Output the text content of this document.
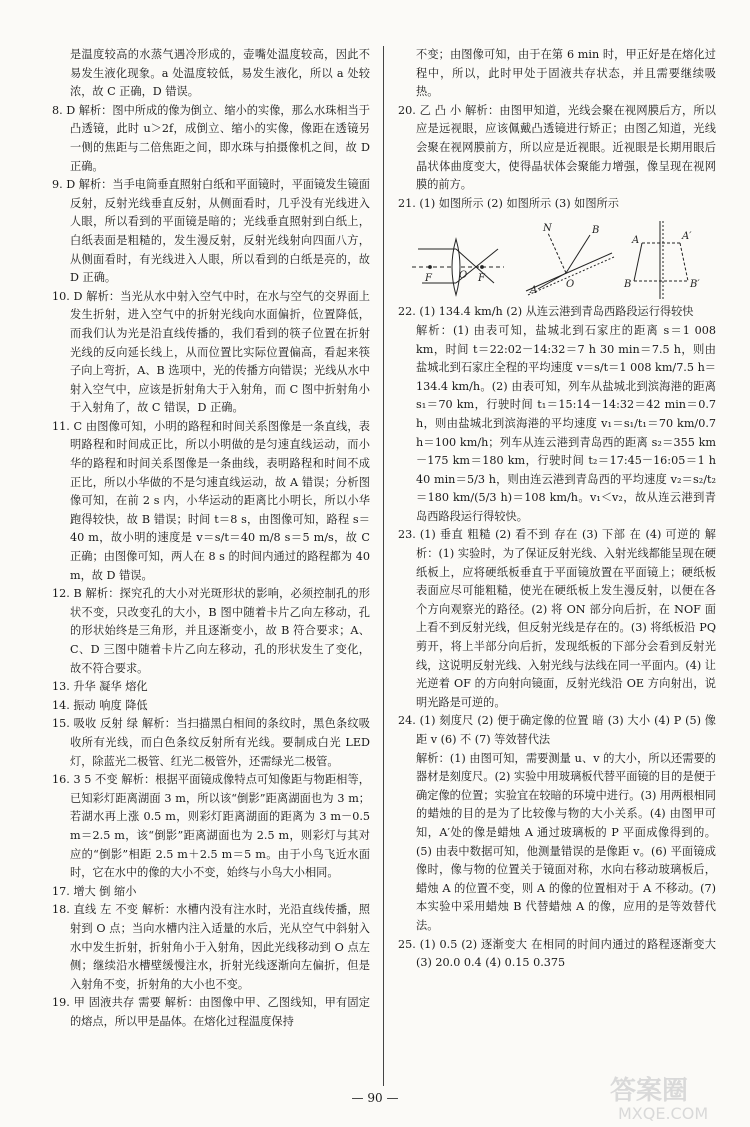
是温度较高的水蒸气遇冷形成的，壶嘴处温度较高，因此不易发生液化现象。a 处温度较低，易发生液化，所以 a 处较浓，故 C 正确，D 错误。
8. D 解析：图中所成的像为倒立、缩小的实像，那么水珠相当于凸透镜，此时 u＞2f，成倒立、缩小的实像，像距在透镜另一侧的焦距与二倍焦距之间，即水珠与拍摄像机之间，故 D 正确。
9. D 解析：当手电筒垂直照射白纸和平面镜时，平面镜发生镜面反射，反射光线垂直反射，从侧面看时，几乎没有光线进入人眼，所以看到的平面镜是暗的；光线垂直照射到白纸上，白纸表面是粗糙的，发生漫反射，反射光线射向四面八方，从侧面看时，有光线进入人眼，所以看到的白纸是亮的，故 D 正确。
10. D 解析：当光从水中射入空气中时，在水与空气的交界面上发生折射，进入空气中的折射光线向水面偏折，位置降低，而我们认为光是沿直线传播的，我们看到的筷子位置在折射光线的反向延长线上，从而位置比实际位置偏高，看起来筷子向上弯折，A、B 选项中，光的传播方向错误；光线从水中射入空气中，应该是折射角大于入射角，而 C 图中折射角小于入射角了，故 C 错误，D 正确。
11. C 由图像可知，小明的路程和时间关系图像是一条直线，表明路程和时间成正比，所以小明做的是匀速直线运动，而小华的路程和时间关系图像是一条曲线，表明路程和时间不成正比，所以小华做的不是匀速直线运动，故 A 错误；分析图像可知，在前 2 s 内，小华运动的距离比小明长，所以小华跑得较快，故 B 错误；时间 t＝8 s，由图像可知，路程 s＝40 m，故小明的速度是 v＝s/t＝40 m/8 s＝5 m/s，故 C 正确；由图像可知，两人在 8 s 的时间内通过的路程都为 40 m，故 D 错误。
12. B 解析：探究孔的大小对光斑形状的影响，必须控制孔的形状不变，只改变孔的大小，B 图中随着卡片乙向左移动，孔的形状始终是三角形，并且逐渐变小，故 B 符合要求；A、C、D 三图中随着卡片乙向左移动，孔的形状发生了变化，故不符合要求。
13. 升华 凝华 熔化
14. 振动 响度 降低
15. 吸收 反射 绿 解析：当扫描黑白相间的条纹时，黑色条纹吸收所有光线，而白色条纹反射所有光线。要制成白光 LED 灯，除蓝光二极管、红光二极管外，还需绿光二极管。
16. 3 5 不变 解析：根据平面镜成像特点可知像距与物距相等，已知彩灯距离湖面 3 m，所以该“倒影”距离湖面也为 3 m；若湖水再上涨 0.5 m，则彩灯距离湖面的距离为 3 m－0.5 m＝2.5 m，该“倒影”距离湖面也为 2.5 m，则彩灯与其对应的“倒影”相距 2.5 m＋2.5 m＝5 m。由于小鸟飞近水面时，它在水中的像的大小不变，始终与小鸟大小相同。
17. 增大 倒 缩小
18. 直线 左 不变 解析：水槽内没有注水时，光沿直线传播，照射到 O 点；当向水槽内注入适量的水后，光从空气中斜射入水中发生折射，折射角小于入射角，因此光线移动到 O 点左侧；继续沿水槽壁缓慢注水，折射光线逐渐向左偏折，但是入射角不变，折射角的大小也不变。
19. 甲 固液共存 需要 解析：由图像中甲、乙图线知，甲有固定的熔点，所以甲是晶体。在熔化过程温度保持
不变；由图像可知，由于在第 6 min 时，甲正好是在熔化过程中，所以，此时甲处于固液共存状态，并且需要继续吸热。
20. 乙 凸 小 解析：由图甲知道，光线会聚在视网膜后方，所以应是远视眼，应该佩戴凸透镜进行矫正；由图乙知道，光线会聚在视网膜前方，所以应是近视眼。近视眼是长期用眼后晶状体曲度变大，使得晶状体会聚能力增强，像呈现在视网膜的前方。
21. (1) 如图所示 (2) 如图所示 (3) 如图所示
F	O F
N	B
A
O
A	A′
B	B′
22. (1) 134.4 km/h (2) 从连云港到青岛西路段运行得较快
解析：(1) 由表可知，盐城北到石家庄的距离 s＝1 008 km，时间 t＝22:02－14:32＝7 h 30 min＝7.5 h，则由盐城北到石家庄全程的平均速度 v＝s/t＝1 008 km/7.5 h＝134.4 km/h。(2) 由表可知，列车从盐城北到滨海港的距离 s₁＝70 km，行驶时间 t₁＝15:14－14:32＝42 min＝0.7 h，则由盐城北到滨海港的平均速度 v₁＝s₁/t₁＝70 km/0.7 h＝100 km/h；列车从连云港到青岛西的距离 s₂＝355 km－175 km＝180 km，行驶时间 t₂＝17:45－16:05＝1 h 40 min＝5/3 h，则由连云港到青岛西的平均速度 v₂＝s₂/t₂＝180 km/(5/3 h)＝108 km/h。v₁＜v₂，故从连云港到青岛西路段运行得较快。
23. (1) 垂直 粗糙 (2) 看不到 存在 (3) 下部 在 (4) 可逆的 解析：(1) 实验时，为了保证反射光线、入射光线都能呈现在硬纸板上，应将硬纸板垂直于平面镜放置在平面镜上；硬纸板表面应尽可能粗糙，使光在硬纸板上发生漫反射，以便在各个方向观察光的路径。(2) 将 ON 部分向后折，在 NOF 面上看不到反射光线，但反射光线是存在的。(3) 将纸板沿 PQ 剪开，将上半部分向后折，发现纸板的下部分会看到反射光线，这说明反射光线、入射光线与法线在同一平面内。(4) 让光逆着 OF 的方向射向镜面，反射光线沿 OE 方向射出，说明光路是可逆的。
24. (1) 刻度尺 (2) 便于确定像的位置 暗 (3) 大小 (4) P (5) 像距 v (6) 不 (7) 等效替代法
解析：(1) 由图可知，需要测量 u、v 的大小，所以还需要的器材是刻度尺。(2) 实验中用玻璃板代替平面镜的目的是便于确定像的位置；实验宜在较暗的环境中进行。(3) 用两根相同的蜡烛的目的是为了比较像与物的大小关系。(4) 由图甲可知，A′处的像是蜡烛 A 通过玻璃板的 P 平面成像得到的。(5) 由表中数据可知，他测量错误的是像距 v。(6) 平面镜成像时，像与物的位置关于镜面对称，水向右移动玻璃板后，蜡烛 A 的位置不变，则 A 的像的位置相对于 A 不移动。(7) 本实验中采用蜡烛 B 代替蜡烛 A 的像，应用的是等效替代法。
25. (1) 0.5 (2) 逐渐变大 在相同的时间内通过的路程逐渐变大 (3) 20.0 0.4 (4) 0.15 0.375
— 90 —	答案圈
MXQE.COM
